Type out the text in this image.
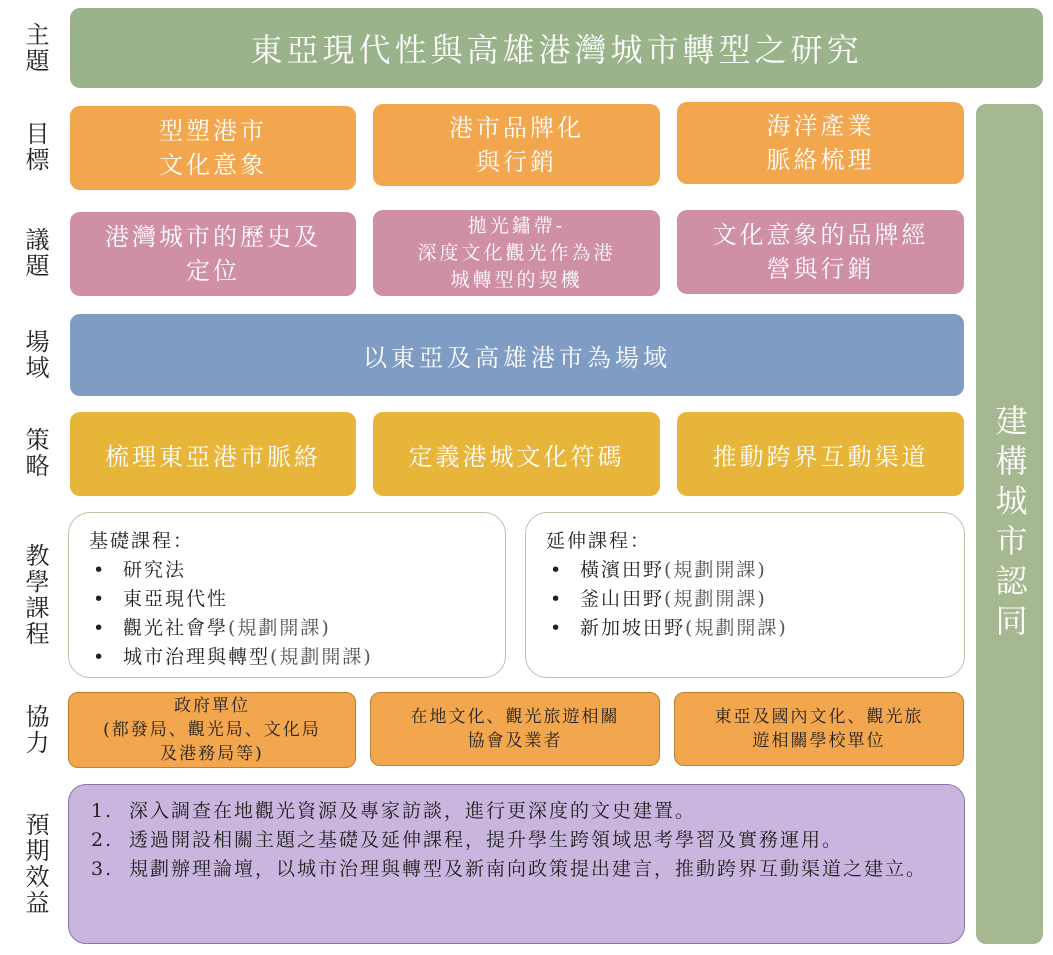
主題
目標
議題
場域
策略
教學課程
協力
預期效益
東亞現代性與高雄港灣城市轉型之研究
型塑港市
文化意象
港市品牌化
與行銷
海洋產業
脈絡梳理
港灣城市的歷史及
定位
拋光鏽帶-
深度文化觀光作為港
城轉型的契機
文化意象的品牌經
營與行銷
以東亞及高雄港市為場域
梳理東亞港市脈絡	定義港城文化符碼	推動跨界互動渠道
基礎課程：
• 研究法
• 東亞現代性
• 觀光社會學 (規劃開課)
• 城市治理與轉型 (規劃開課)
延伸課程：
• 橫濱田野 (規劃開課)
• 釜山田野 (規劃開課)
• 新加坡田野 (規劃開課)
政府單位
(都發局、觀光局、文化局
及港務局等)
在地文化、觀光旅遊相關
協會及業者
東亞及國內文化、觀光旅
遊相關學校單位
1. 深入調查在地觀光資源及專家訪談，進行更深度的文史建置。
2. 透過開設相關主題之基礎及延伸課程，提升學生跨領域思考學習及實務運用。
3. 規劃辦理論壇，以城市治理與轉型及新南向政策提出建言，推動跨界互動渠道之建立。
建構城市認同
